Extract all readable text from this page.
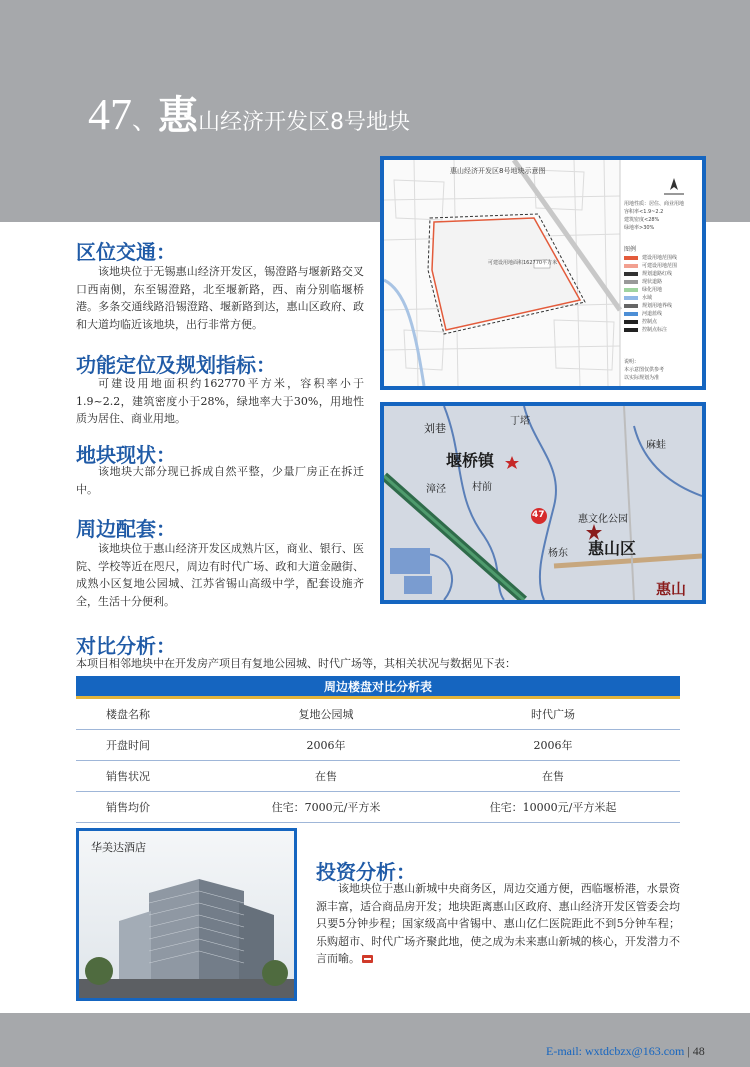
47、惠山经济开发区8号地块
惠山经济开发区8号地块示意图
可建设用地面积162770平方米
用地性质：居住、商业用地
容积率<1.9~2.2
建筑密度<28%
绿地率>30%
图例
建设用地范围线
可建设用地范围
规划道路红线
现状道路
绿化用地
水域
规划用地界线
河道蓝线
控制点
控制点标注
说明：
本示意图仅供参考
以实际规划为准
刘巷
丁塔
堰桥镇
麻蛙
漳泾	村前
47	惠文化公园
惠山区
杨东
惠山
区位交通：
该地块位于无锡惠山经济开发区，锡澄路与堰新路交叉口西南侧，东至锡澄路，北至堰新路，西、南分别临堰桥港。多条交通线路沿锡澄路、堰新路到达，惠山区政府、政和大道均临近该地块，出行非常方便。
功能定位及规划指标：
可建设用地面积约162770平方米，容积率小于1.9~2.2，建筑密度小于28%，绿地率大于30%，用地性质为居住、商业用地。
地块现状：
该地块大部分现已拆成自然平整，少量厂房正在拆迁中。
周边配套：
该地块位于惠山经济开发区成熟片区，商业、银行、医院、学校等近在咫尺，周边有时代广场、政和大道金融街、成熟小区复地公园城、江苏省锡山高级中学，配套设施齐全，生活十分便利。
对比分析：
本项目相邻地块中在开发房产项目有复地公园城、时代广场等，其相关状况与数据见下表：
周边楼盘对比分析表
楼盘名称	复地公园城	时代广场
开盘时间	2006年	2006年
销售状况	在售	在售
销售均价	住宅：7000元/平方米	住宅：10000元/平方米起
华美达酒店
投资分析：
该地块位于惠山新城中央商务区，周边交通方便，西临堰桥港，水景资源丰富，适合商品房开发；地块距离惠山区政府、惠山经济开发区管委会均只要5分钟步程；国家级高中省锡中、惠山亿仁医院距此不到5分钟车程；乐购超市、时代广场齐聚此地，使之成为未来惠山新城的核心，开发潜力不言而喻。
E-mail: wxtdcbzx@163.com | 48
